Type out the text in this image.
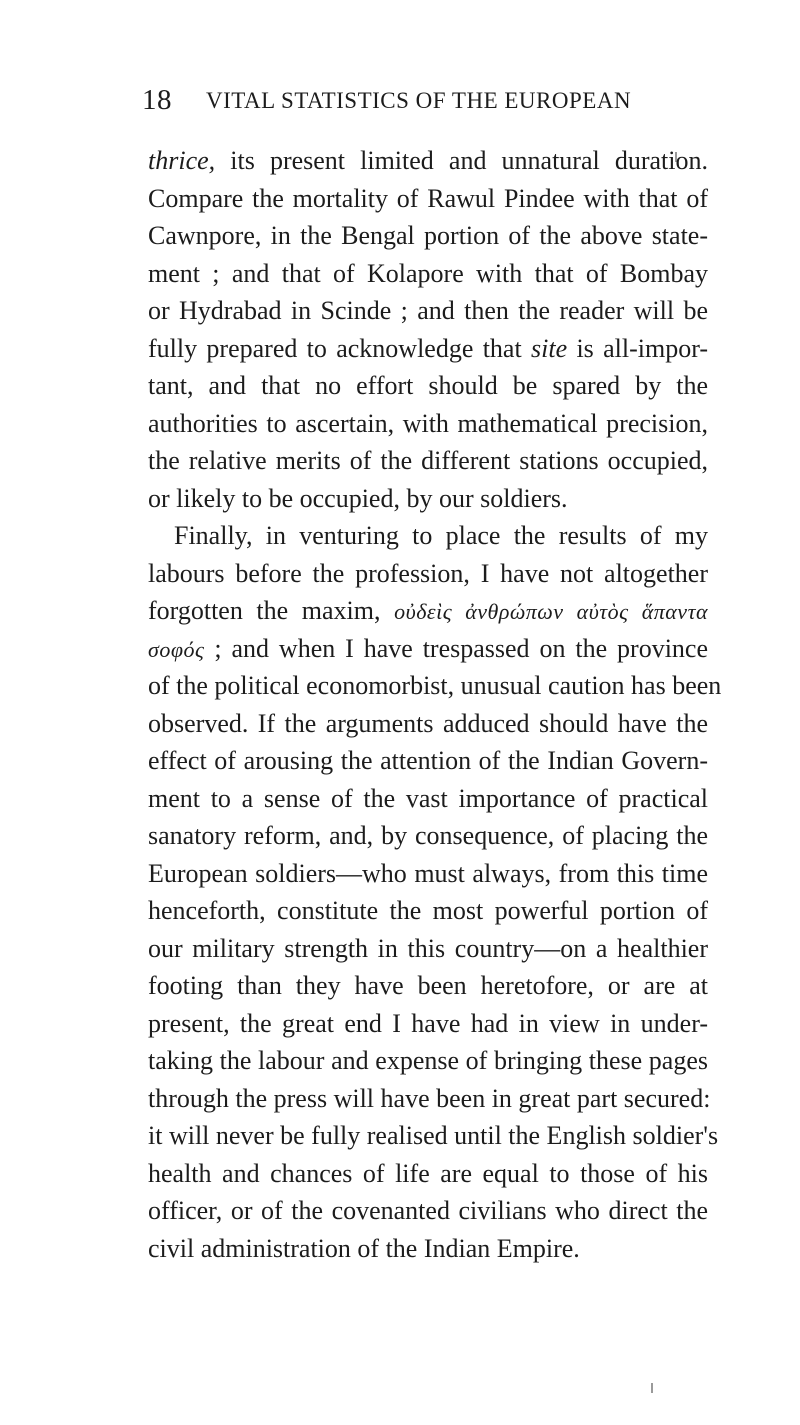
18 VITAL STATISTICS OF THE EUROPEAN
thrice, its present limited and unnatural duration.
Compare the mortality of Rawul Pindee with that of
Cawnpore, in the Bengal portion of the above state-
ment ; and that of Kolapore with that of Bombay
or Hydrabad in Scinde ; and then the reader will be
fully prepared to acknowledge that site is all-impor-
tant, and that no effort should be spared by the
authorities to ascertain, with mathematical precision,
the relative merits of the different stations occupied,
or likely to be occupied, by our soldiers.
Finally, in venturing to place the results of my
labours before the profession, I have not altogether
forgotten the maxim, οὐδεὶς ἀνθρώπων αὐτὸς ἅπαντα
σοφός ; and when I have trespassed on the province
of the political economorbist, unusual caution has been
observed. If the arguments adduced should have the
effect of arousing the attention of the Indian Govern-
ment to a sense of the vast importance of practical
sanatory reform, and, by consequence, of placing the
European soldiers—who must always, from this time
henceforth, constitute the most powerful portion of
our military strength in this country—on a healthier
footing than they have been heretofore, or are at
present, the great end I have had in view in under-
taking the labour and expense of bringing these pages
through the press will have been in great part secured:
it will never be fully realised until the English soldier's
health and chances of life are equal to those of his
officer, or of the covenanted civilians who direct the
civil administration of the Indian Empire.
